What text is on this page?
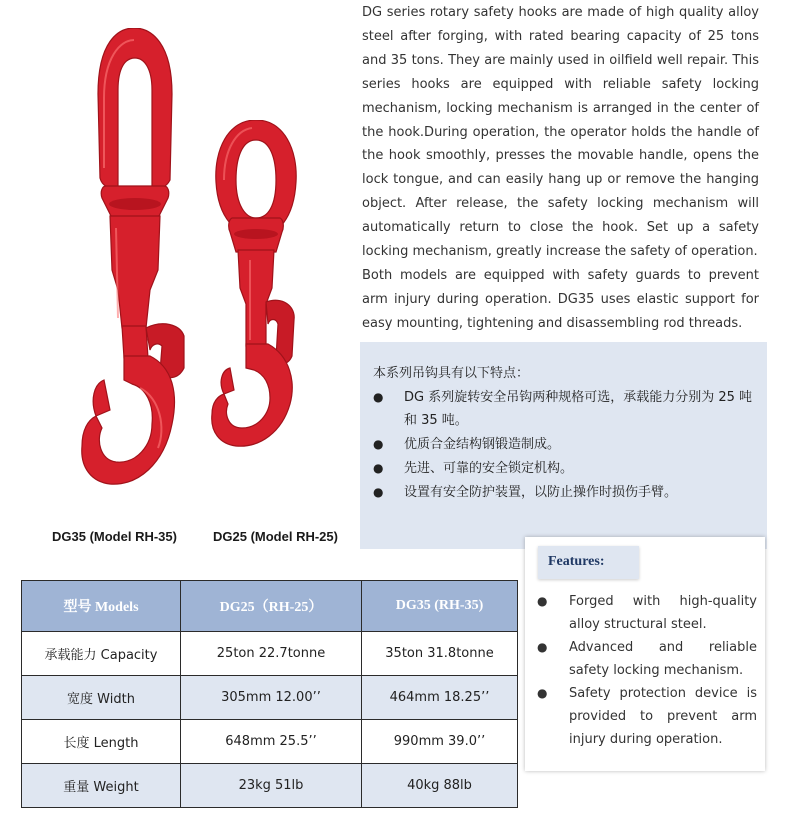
DG35 (Model RH-35)	DG25 (Model RH-25)

DG series rotary safety hooks are made of high quality alloy steel after forging, with rated bearing capacity of 25 tons and 35 tons. They are mainly used in oilfield well repair. This series hooks are equipped with reliable safety locking mechanism, locking mechanism is arranged in the center of the hook.During operation, the operator holds the handle of the hook smoothly, presses the movable handle, opens the lock tongue, and can easily hang up or remove the hanging object. After release, the safety locking mechanism will automatically return to close the hook. Set up a safety locking mechanism, greatly increase the safety of operation.

Both models are equipped with safety guards to prevent arm injury during operation. DG35 uses elastic support for easy mounting, tightening and disassembling rod threads.

本系列吊钩具有以下特点：
● DG 系列旋转安全吊钩两种规格可选，承载能力分别为 25 吨和 35 吨。
● 优质合金结构钢锻造制成。
● 先进、可靠的安全锁定机构。
● 设置有安全防护装置，以防止操作时损伤手臂。
Features:
● Forged with high-quality alloy structural steel.
● Advanced and reliable safety locking mechanism.
● Safety protection device is provided to prevent arm injury during operation.
型号 Models	DG25（RH-25）	DG35 (RH-35)
承载能力 Capacity	25ton 22.7tonne	35ton 31.8tonne
宽度 Width	305mm 12.00’’	464mm 18.25’’
长度 Length	648mm 25.5’’	990mm 39.0’’
重量 Weight	23kg 51lb	40kg 88lb
